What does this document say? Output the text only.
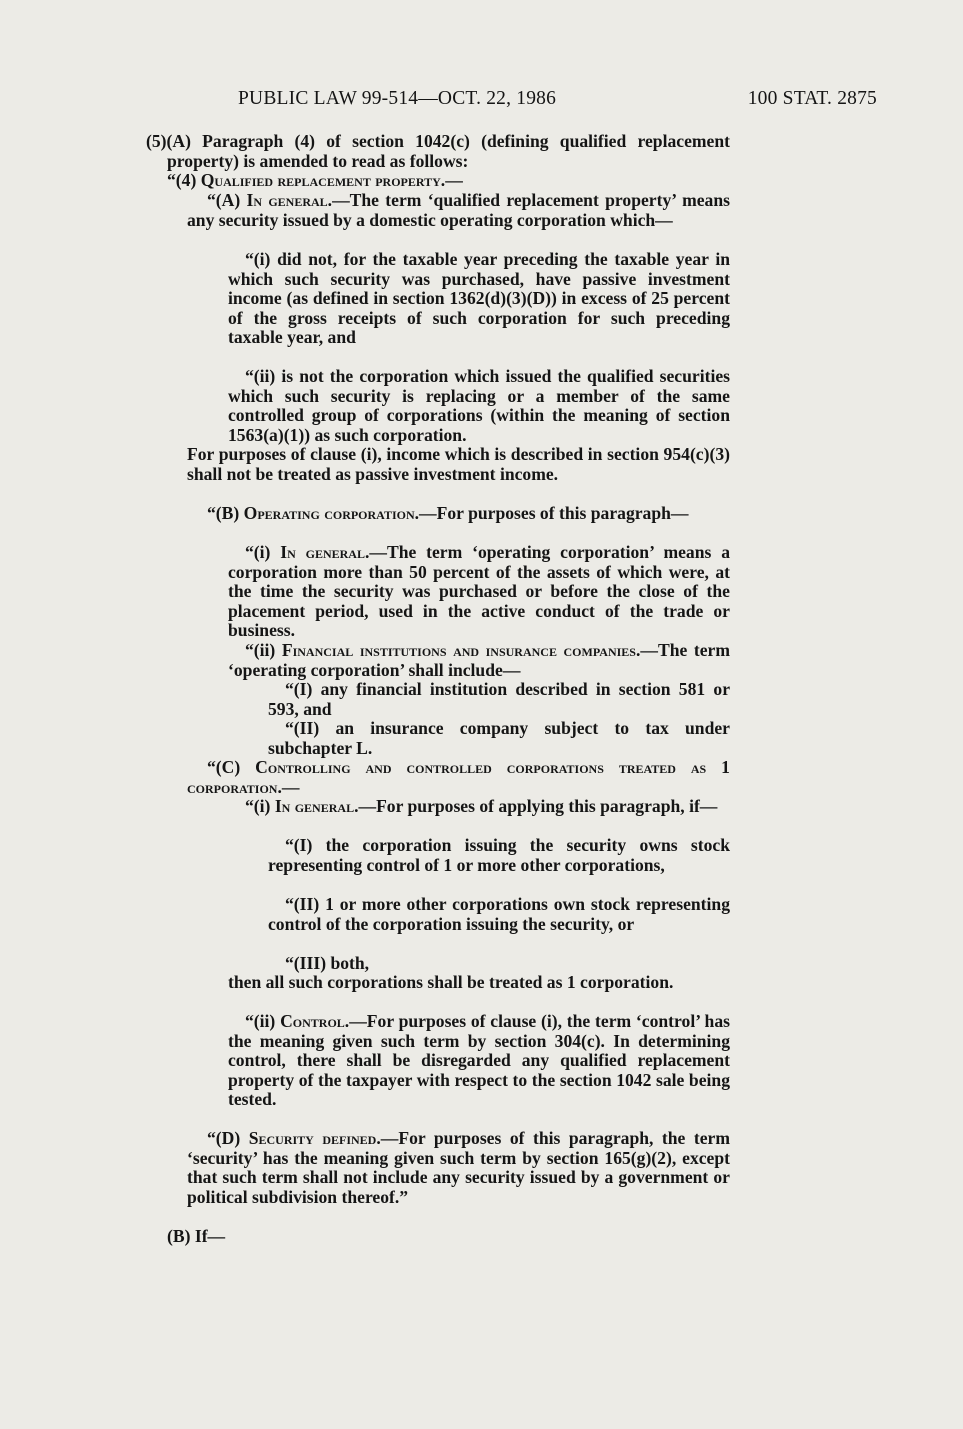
PUBLIC LAW 99-514—OCT. 22, 1986	100 STAT. 2875

(5)(A) Paragraph (4) of section 1042(c) (defining qualified replacement property) is amended to read as follows:

“(4) Qualified replacement property.—

“(A) In general.—The term ‘qualified replacement property’ means any security issued by a domestic operating corporation which—

“(i) did not, for the taxable year preceding the taxable year in which such security was purchased, have passive investment income (as defined in section 1362(d)(3)(D)) in excess of 25 percent of the gross receipts of such corporation for such preceding taxable year, and

“(ii) is not the corporation which issued the qualified securities which such security is replacing or a member of the same controlled group of corporations (within the meaning of section 1563(a)(1)) as such corporation.

For purposes of clause (i), income which is described in section 954(c)(3) shall not be treated as passive investment income.

“(B) Operating corporation.—For purposes of this paragraph—

“(i) In general.—The term ‘operating corporation’ means a corporation more than 50 percent of the assets of which were, at the time the security was purchased or before the close of the placement period, used in the active conduct of the trade or business.

“(ii) Financial institutions and insurance companies.—The term ‘operating corporation’ shall include—

“(I) any financial institution described in section 581 or 593, and

“(II) an insurance company subject to tax under subchapter L.

“(C) Controlling and controlled corporations treated as 1 corporation.—

“(i) In general.—For purposes of applying this paragraph, if—

“(I) the corporation issuing the security owns stock representing control of 1 or more other corporations,

“(II) 1 or more other corporations own stock representing control of the corporation issuing the security, or

“(III) both,

then all such corporations shall be treated as 1 corporation.

“(ii) Control.—For purposes of clause (i), the term ‘control’ has the meaning given such term by section 304(c). In determining control, there shall be disregarded any qualified replacement property of the taxpayer with respect to the section 1042 sale being tested.

“(D) Security defined.—For purposes of this paragraph, the term ‘security’ has the meaning given such term by section 165(g)(2), except that such term shall not include any security issued by a government or political subdivision thereof.”

(B) If—
